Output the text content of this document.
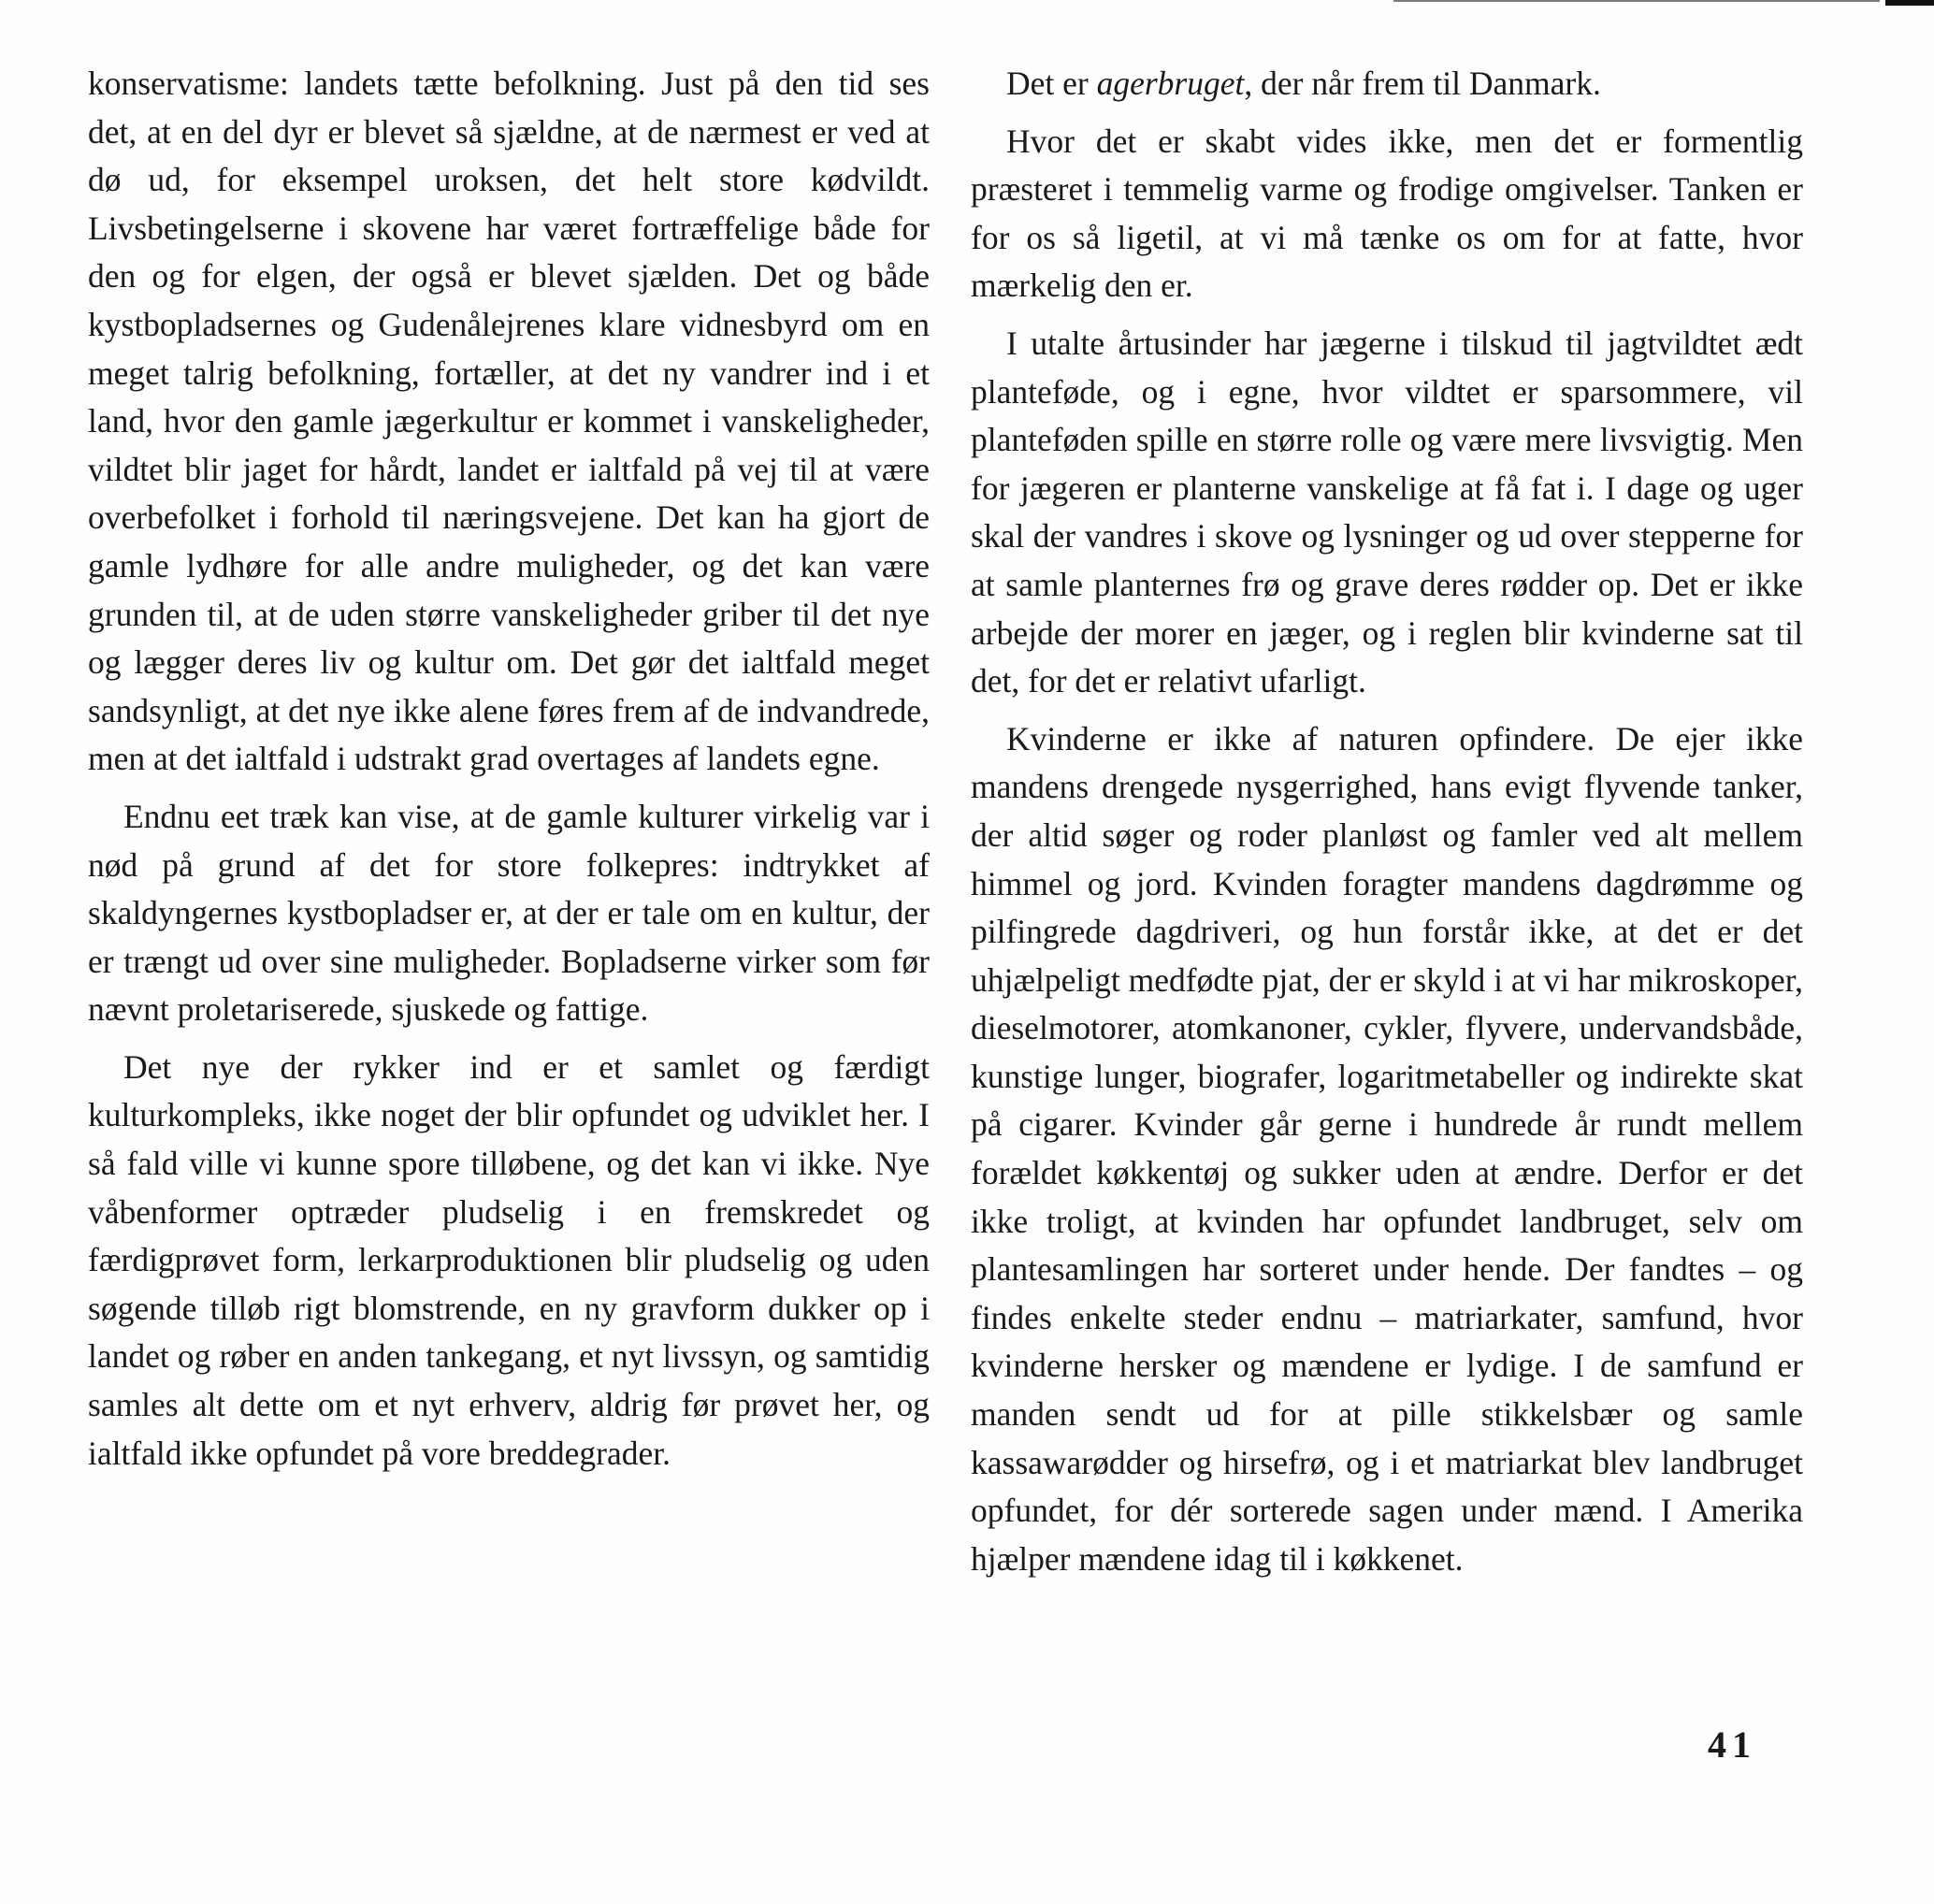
konservatisme: landets tætte befolkning. Just på den tid ses det, at en del dyr er blevet så sjældne, at de nærmest er ved at dø ud, for eksempel uroksen, det helt store kødvildt. Livsbetingelserne i skovene har været fortræffelige både for den og for elgen, der også er blevet sjælden. Det og både kystbopladsernes og Gudenålejrenes klare vidnesbyrd om en meget talrig befolkning, fortæller, at det ny vandrer ind i et land, hvor den gamle jægerkultur er kommet i vanskeligheder, vildtet blir jaget for hårdt, landet er ialtfald på vej til at være overbefolket i forhold til næringsvejene. Det kan ha gjort de gamle lydhøre for alle andre muligheder, og det kan være grunden til, at de uden større vanskeligheder griber til det nye og lægger deres liv og kultur om. Det gør det ialtfald meget sandsynligt, at det nye ikke alene føres frem af de indvandrede, men at det ialtfald i udstrakt grad overtages af landets egne.

Endnu eet træk kan vise, at de gamle kulturer virkelig var i nød på grund af det for store folkepres: indtrykket af skaldyngernes kystbopladser er, at der er tale om en kultur, der er trængt ud over sine muligheder. Bopladserne virker som før nævnt proletariserede, sjuskede og fattige.

Det nye der rykker ind er et samlet og færdigt kulturkompleks, ikke noget der blir opfundet og udviklet her. I så fald ville vi kunne spore tilløbene, og det kan vi ikke. Nye våbenformer optræder pludselig i en fremskredet og færdigprøvet form, lerkarproduktionen blir pludselig og uden søgende tilløb rigt blomstrende, en ny gravform dukker op i landet og røber en anden tankegang, et nyt livssyn, og samtidig samles alt dette om et nyt erhverv, aldrig før prøvet her, og ialtfald ikke opfundet på vore breddegrader.

Det er agerbruget, der når frem til Danmark.

Hvor det er skabt vides ikke, men det er formentlig præsteret i temmelig varme og frodige omgivelser. Tanken er for os så ligetil, at vi må tænke os om for at fatte, hvor mærkelig den er.

I utalte årtusinder har jægerne i tilskud til jagtvildtet ædt planteføde, og i egne, hvor vildtet er sparsommere, vil planteføden spille en større rolle og være mere livsvigtig. Men for jægeren er planterne vanskelige at få fat i. I dage og uger skal der vandres i skove og lysninger og ud over stepperne for at samle planternes frø og grave deres rødder op. Det er ikke arbejde der morer en jæger, og i reglen blir kvinderne sat til det, for det er relativt ufarligt.

Kvinderne er ikke af naturen opfindere. De ejer ikke mandens drengede nysgerrighed, hans evigt flyvende tanker, der altid søger og roder planløst og famler ved alt mellem himmel og jord. Kvinden foragter mandens dagdrømme og pilfingrede dagdriveri, og hun forstår ikke, at det er det uhjælpeligt medfødte pjat, der er skyld i at vi har mikroskoper, dieselmotorer, atomkanoner, cykler, flyvere, undervandsbåde, kunstige lunger, biografer, logaritmetabeller og indirekte skat på cigarer. Kvinder går gerne i hundrede år rundt mellem forældet køkkentøj og sukker uden at ændre. Derfor er det ikke troligt, at kvinden har opfundet landbruget, selv om plantesamlingen har sorteret under hende. Der fandtes – og findes enkelte steder endnu – matriarkater, samfund, hvor kvinderne hersker og mændene er lydige. I de samfund er manden sendt ud for at pille stikkelsbær og samle kassawarødder og hirsefrø, og i et matriarkat blev landbruget opfundet, for dér sorterede sagen under mænd. I Amerika hjælper mændene idag til i køkkenet.

41
